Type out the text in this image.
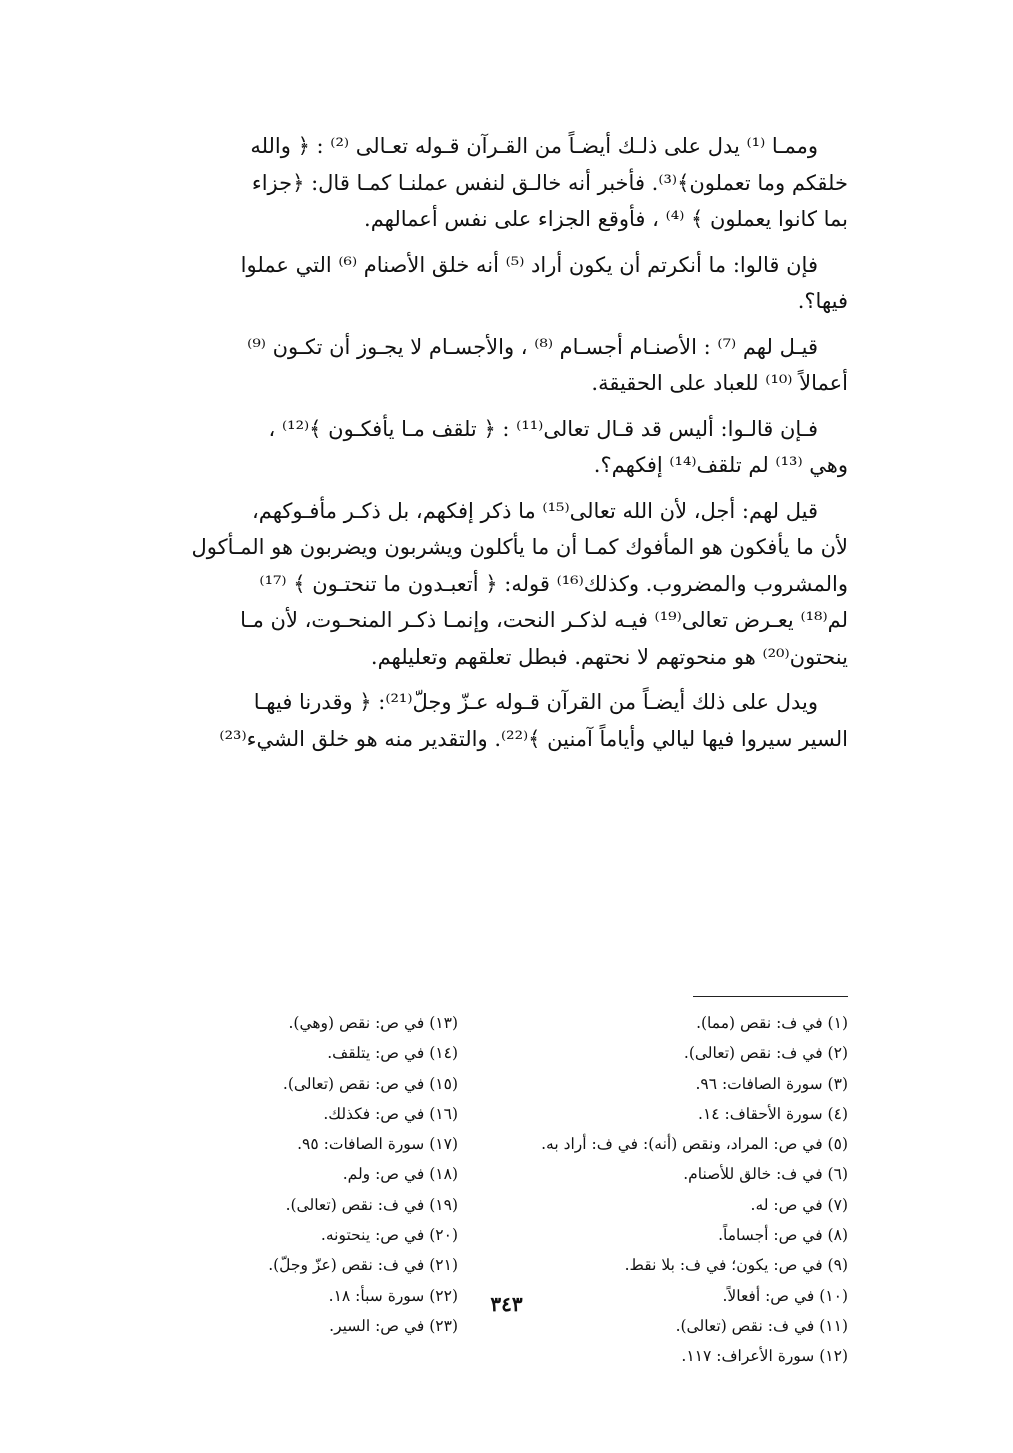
وممـا ⁽¹⁾ يدل على ذلـك أيضـاً من القـرآن قـوله تعـالى ⁽²⁾ : ﴿ والله
خلقكم وما تعملون﴾⁽³⁾. فأخبر أنه خالـق لنفس عملنـا كمـا قال: ﴿جزاء
بما كانوا يعملون ﴾ ⁽⁴⁾ ، فأوقع الجزاء على نفس أعمالهم.
فإن قالوا: ما أنكرتم أن يكون أراد ⁽⁵⁾ أنه خلق الأصنام ⁽⁶⁾ التي عملوا
فيها؟.
قيـل لهم ⁽⁷⁾ : الأصنـام أجسـام ⁽⁸⁾ ، والأجسـام لا يجـوز أن تكـون ⁽⁹⁾
أعمالاً ⁽¹⁰⁾ للعباد على الحقيقة.
فـإن قالـوا: أليس قد قـال تعالى⁽¹¹⁾ : ﴿ تلقف مـا يأفكـون ﴾⁽¹²⁾ ،
وهي ⁽¹³⁾ لم تلقف⁽¹⁴⁾ إفكهم؟.
قيل لهم: أجل، لأن الله تعالى⁽¹⁵⁾ ما ذكر إفكهم، بل ذكـر مأفـوكهم،
لأن ما يأفكون هو المأفوك كمـا أن ما يأكلون ويشربون ويضربون هو المـأكول
والمشروب والمضروب. وكذلك⁽¹⁶⁾ قوله: ﴿ أتعبـدون ما تنحتـون ﴾ ⁽¹⁷⁾
لم⁽¹⁸⁾ يعـرض تعالى⁽¹⁹⁾ فيـه لذكـر النحت، وإنمـا ذكـر المنحـوت، لأن مـا
ينحتون⁽²⁰⁾ هو منحوتهم لا نحتهم. فبطل تعلقهم وتعليلهم.
ويدل على ذلك أيضـاً من القرآن قـوله عـزّ وجلّ⁽²¹⁾: ﴿ وقدرنا فيهـا
السير سيروا فيها ليالي وأياماً آمنين ﴾⁽²²⁾. والتقدير منه هو خلق الشيء⁽²³⁾
(١) في ف: نقص (مما).
(٢) في ف: نقص (تعالى).
(٣) سورة الصافات: ٩٦.
(٤) سورة الأحقاف: ١٤.
(٥) في ص: المراد، ونقص (أنه): في ف: أراد به.
(٦) في ف: خالق للأصنام.
(٧) في ص: له.
(٨) في ص: أجساماً.
(٩) في ص: يكون؛ في ف: بلا نقط.
(١٠) في ص: أفعالاً.
(١١) في ف: نقص (تعالى).
(١٢) سورة الأعراف: ١١٧.
(١٣) في ص: نقص (وهي).
(١٤) في ص: يتلقف.
(١٥) في ص: نقص (تعالى).
(١٦) في ص: فكذلك.
(١٧) سورة الصافات: ٩٥.
(١٨) في ص: ولم.
(١٩) في ف: نقص (تعالى).
(٢٠) في ص: ينحتونه.
(٢١) في ف: نقص (عزّ وجلّ).
(٢٢) سورة سبأ: ١٨.
(٢٣) في ص: السير.
٣٤٣
